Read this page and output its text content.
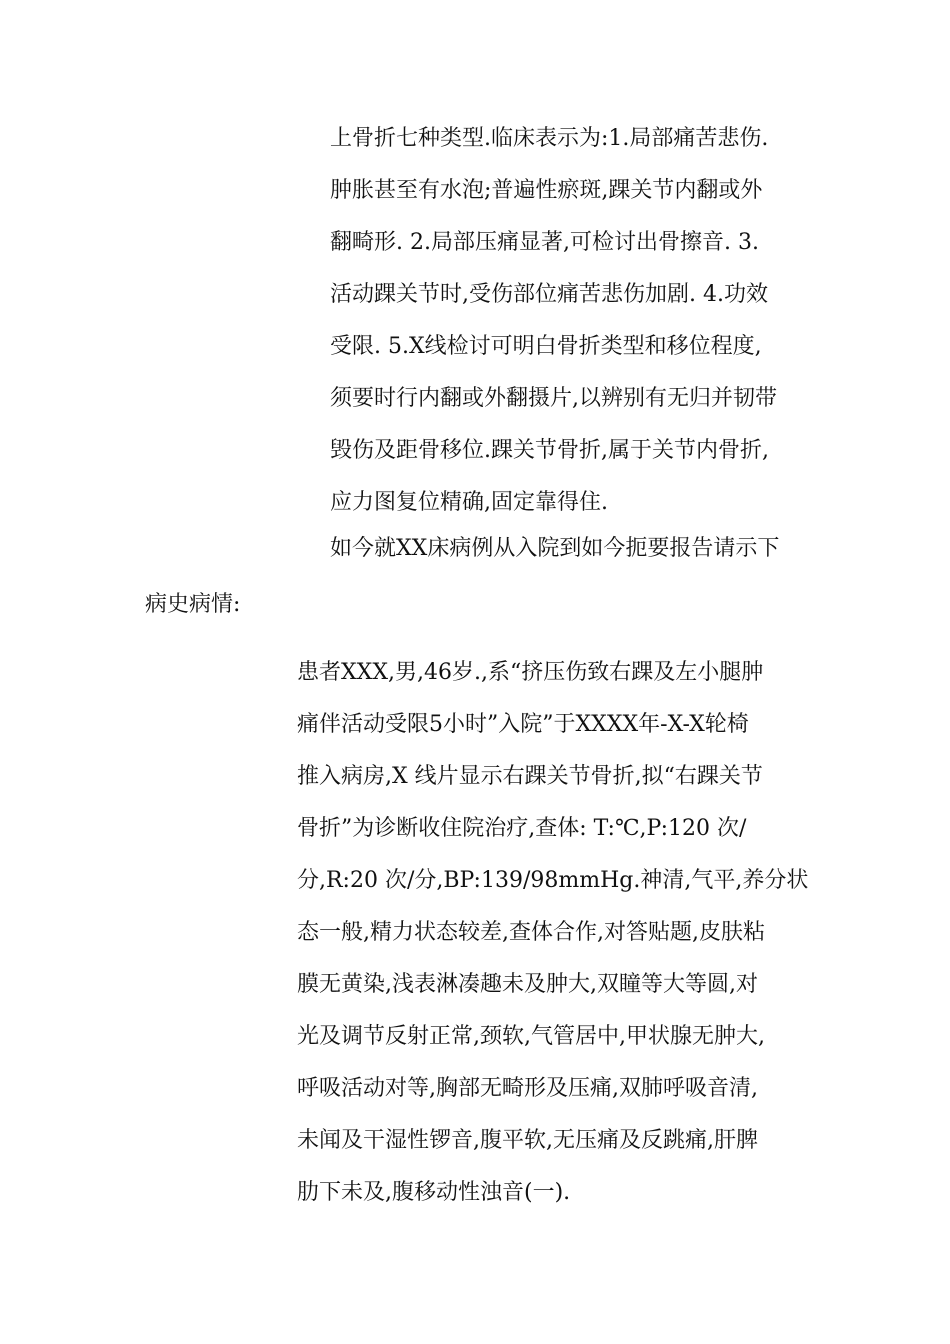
上骨折七种类型.临床表示为:1.局部痛苦悲伤.
肿胀甚至有水泡;普遍性瘀斑,踝关节内翻或外
翻畸形. 2.局部压痛显著,可检讨出骨擦音. 3.
活动踝关节时,受伤部位痛苦悲伤加剧. 4.功效
受限. 5.X线检讨可明白骨折类型和移位程度,
须要时行内翻或外翻摄片,以辨别有无归并韧带
毁伤及距骨移位.踝关节骨折,属于关节内骨折,
应力图复位精确,固定靠得住.
如今就XX床病例从入院到如今扼要报告请示下
病史病情:
患者XXX,男,46岁.,系“挤压伤致右踝及左小腿肿
痛伴活动受限5小时”入院”于XXXX年-X-X轮椅
推入病房,X 线片显示右踝关节骨折,拟“右踝关节
骨折”为诊断收住院治疗,查体: T:℃,P:120 次/
分,R:20 次/分,BP:139/98mmHg.神清,气平,养分状
态一般,精力状态较差,查体合作,对答贴题,皮肤粘
膜无黄染,浅表淋凑趣未及肿大,双瞳等大等圆,对
光及调节反射正常,颈软,气管居中,甲状腺无肿大,
呼吸活动对等,胸部无畸形及压痛,双肺呼吸音清,
未闻及干湿性锣音,腹平软,无压痛及反跳痛,肝脾
肋下未及,腹移动性浊音(一).
